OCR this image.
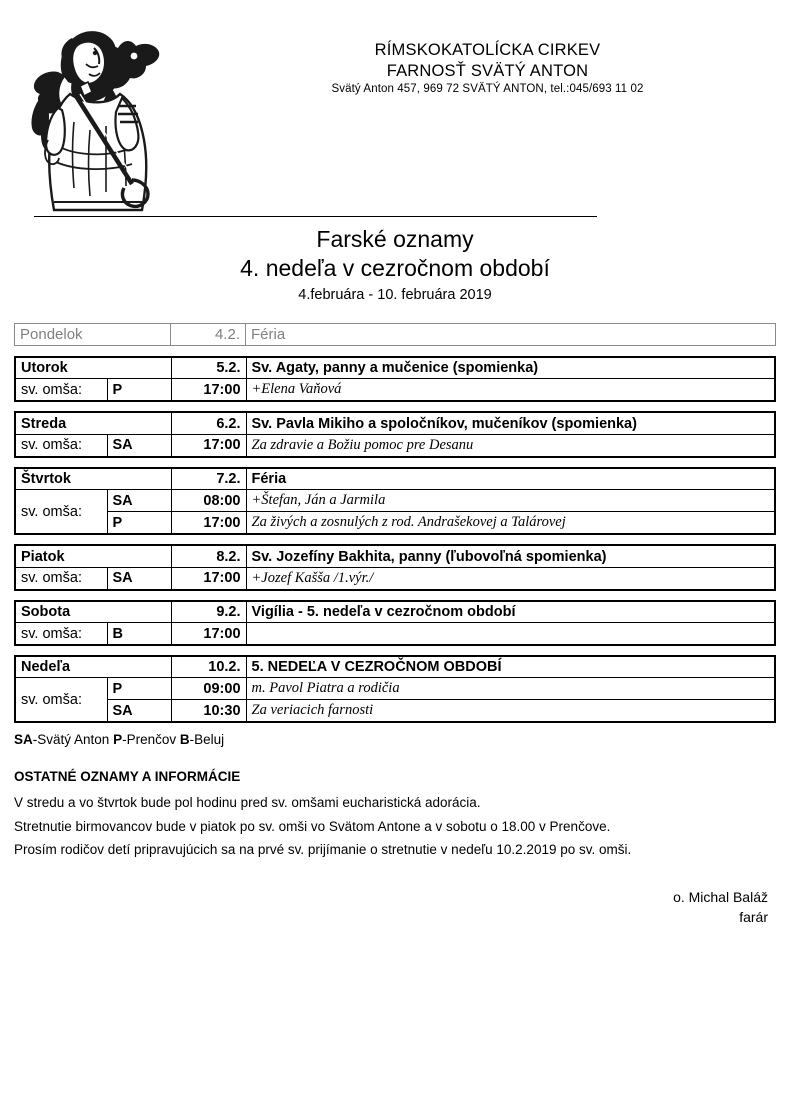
RÍMSKOKATOLÍCKA CIRKEV
FARNOSŤ SVÄTÝ ANTON
Svätý Anton 457, 969 72 SVÄTÝ ANTON, tel.:045/693 11 02
Farské oznamy
4. nedeľa v cezročnom období
4.februára - 10. februára 2019
Pondelok	4.2.	Féria
Utorok		5.2.	Sv. Agaty, panny a mučenice (spomienka)
sv. omša:	P	17:00	+Elena Vaňová
Streda		6.2.	Sv. Pavla Mikiho a spoločníkov, mučeníkov (spomienka)
sv. omša:	SA	17:00	Za zdravie a Božiu pomoc pre Desanu
Štvrtok		7.2.	Féria
sv. omša:	SA	08:00	+Štefan, Ján a Jarmila
	P	17:00	Za živých a zosnulých z rod. Andrašekovej a Talárovej
Piatok		8.2.	Sv. Jozefíny Bakhita, panny (ľubovoľná spomienka)
sv. omša:	SA	17:00	+Jozef Kašša /1.výr./
Sobota		9.2.	Vigília - 5. nedeľa v cezročnom období
sv. omša:	B	17:00	
Nedeľa		10.2.	5. NEDEĽA V CEZROČNOM OBDOBÍ
sv. omša:	P	09:00	m. Pavol Piatra a rodičia
	SA	10:30	Za veriacich farnosti
SA-Svätý Anton P-Prenčov B-Beluj
OSTATNÉ OZNAMY A INFORMÁCIE
V stredu a vo štvrtok bude pol hodinu pred sv. omšami eucharistická adorácia.
Stretnutie birmovancov bude v piatok po sv. omši vo Svätom Antone a v sobotu o 18.00 v Prenčove.
Prosím rodičov detí pripravujúcich sa na prvé sv. prijímanie o stretnutie v nedeľu 10.2.2019 po sv. omši.
o. Michal Baláž
farár
